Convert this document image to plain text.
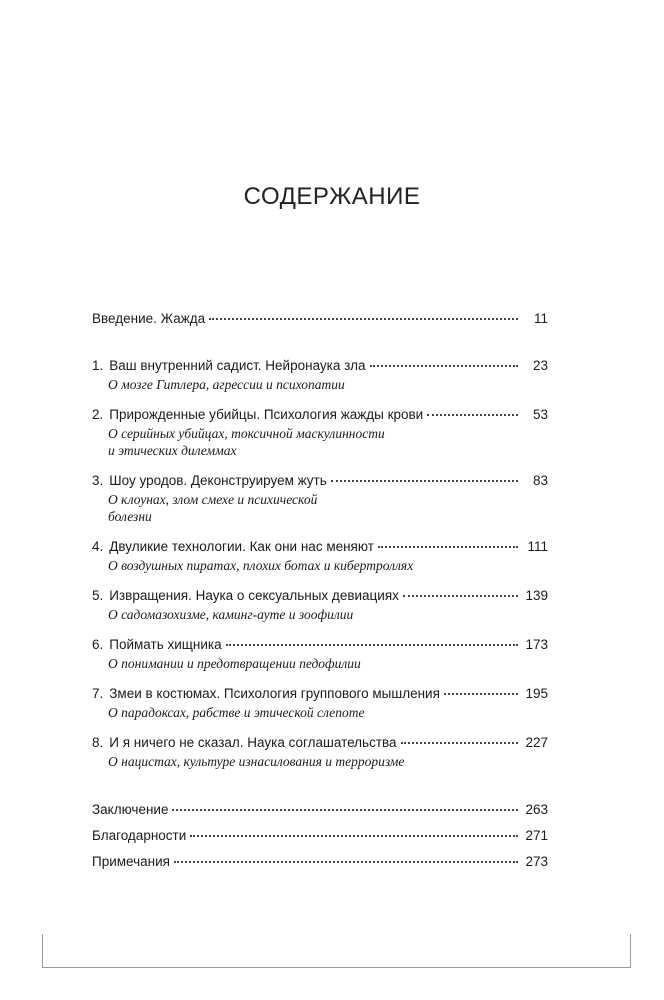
СОДЕРЖАНИЕ
Введение. Жажда	11
1. Ваш внутренний садист. Нейронаука зла	23
О мозге Гитлера, агрессии и психопатии
2. Прирожденные убийцы. Психология жажды крови	53
О серийных убийцах, токсичной маскулинности
и этических дилеммах
3. Шоу уродов. Деконструируем жуть	83
О клоунах, злом смехе и психической
болезни
4. Двуликие технологии. Как они нас меняют	111
О воздушных пиратах, плохих ботах и кибертроллях
5. Извращения. Наука о сексуальных девиациях	139
О садомазохизме, каминг-ауте и зоофилии
6. Поймать хищника	173
О понимании и предотвращении педофилии
7. Змеи в костюмах. Психология группового мышления	195
О парадоксах, рабстве и этической слепоте
8. И я ничего не сказал. Наука соглашательства	227
О нацистах, культуре изнасилования и терроризме
Заключение	263
Благодарности	271
Примечания	273
